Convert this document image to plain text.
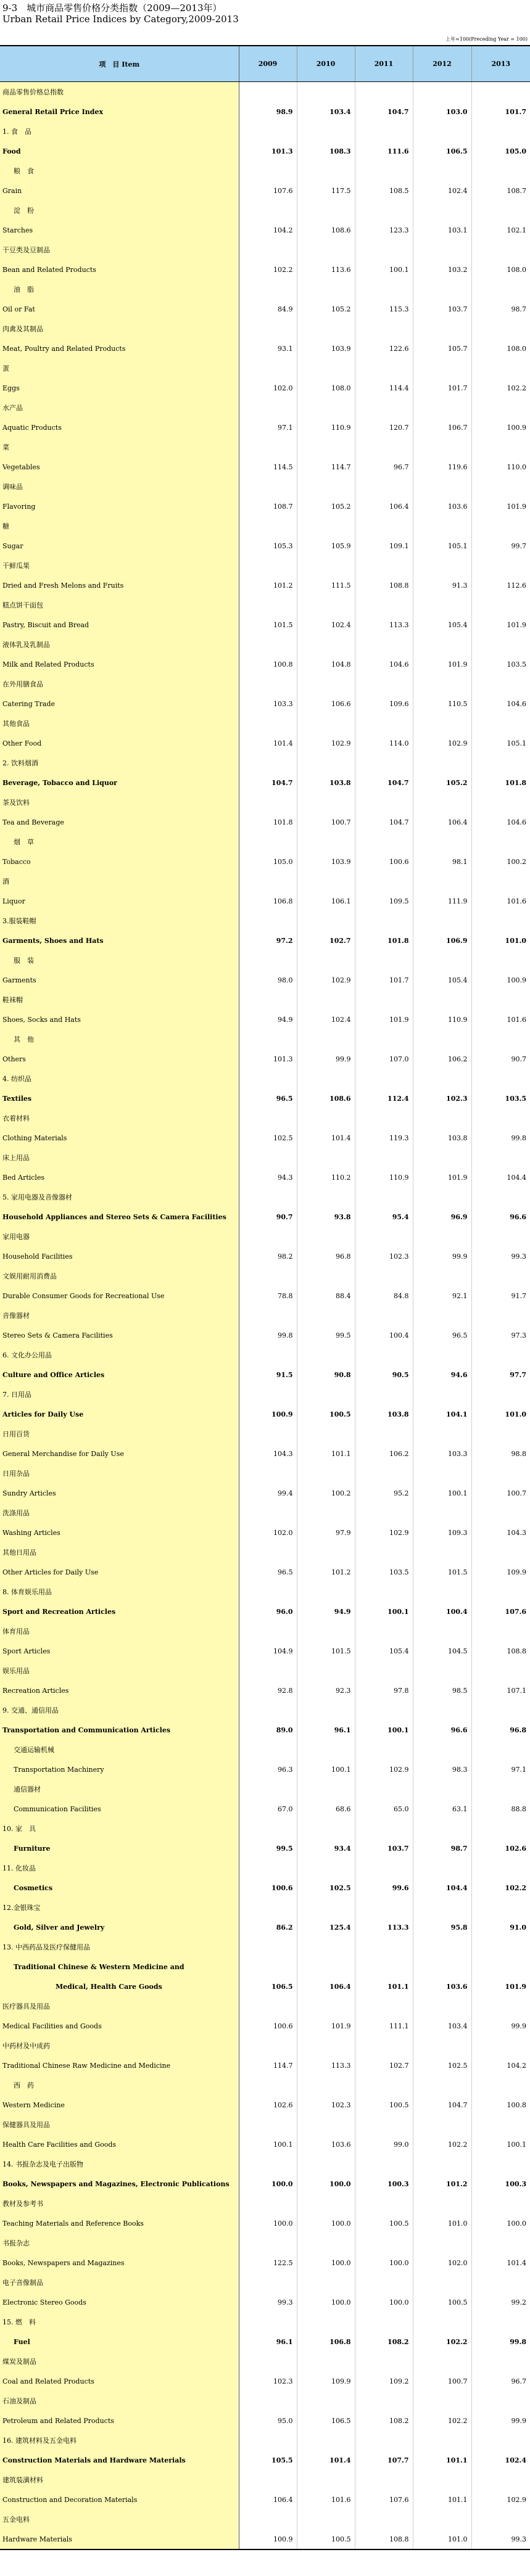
9-3　城市商品零售价格分类指数（2009—2013年）
Urban Retail Price Indices by Category,2009-2013
上年=100(Preceding Year = 100)
项　目 Item	2009	2010	2011	2012	2013
商品零售价格总指数					
General Retail Price Index	98.9	103.4	104.7	103.0	101.7
1. 食　品					
Food	101.3	108.3	111.6	106.5	105.0
粮　食					
Grain	107.6	117.5	108.5	102.4	108.7
淀　粉					
Starches	104.2	108.6	123.3	103.1	102.1
干豆类及豆制品					
Bean and Related Products	102.2	113.6	100.1	103.2	108.0
油　脂					
Oil or Fat	84.9	105.2	115.3	103.7	98.7
肉禽及其制品					
Meat, Poultry and Related Products	93.1	103.9	122.6	105.7	108.0
蛋					
Eggs	102.0	108.0	114.4	101.7	102.2
水产品					
Aquatic Products	97.1	110.9	120.7	106.7	100.9
菜					
Vegetables	114.5	114.7	96.7	119.6	110.0
调味品					
Flavoring	108.7	105.2	106.4	103.6	101.9
糖					
Sugar	105.3	105.9	109.1	105.1	99.7
干鲜瓜果					
Dried and Fresh Melons and Fruits	101.2	111.5	108.8	91.3	112.6
糕点饼干面包					
Pastry, Biscuit and Bread	101.5	102.4	113.3	105.4	101.9
液体乳及乳制品					
Milk and Related Products	100.8	104.8	104.6	101.9	103.5
在外用膳食品					
Catering Trade	103.3	106.6	109.6	110.5	104.6
其他食品					
Other Food	101.4	102.9	114.0	102.9	105.1
2. 饮料烟酒					
Beverage, Tobacco and Liquor	104.7	103.8	104.7	105.2	101.8
茶及饮料					
Tea and Beverage	101.8	100.7	104.7	106.4	104.6
烟　草					
Tobacco	105.0	103.9	100.6	98.1	100.2
酒					
Liquor	106.8	106.1	109.5	111.9	101.6
3.服装鞋帽					
Garments, Shoes and Hats	97.2	102.7	101.8	106.9	101.0
服　装					
Garments	98.0	102.9	101.7	105.4	100.9
鞋袜帽					
Shoes, Socks and Hats	94.9	102.4	101.9	110.9	101.6
其　他					
Others	101.3	99.9	107.0	106.2	90.7
4. 纺织品					
Textiles	96.5	108.6	112.4	102.3	103.5
衣着材料					
Clothing Materials	102.5	101.4	119.3	103.8	99.8
床上用品					
Bed Articles	94.3	110.2	110.9	101.9	104.4
5. 家用电器及音像器材					
Household Appliances and Stereo Sets & Camera Facilities	90.7	93.8	95.4	96.9	96.6
家用电器					
Household Facilities	98.2	96.8	102.3	99.9	99.3
文娱用耐用消费品					
Durable Consumer Goods for Recreational Use	78.8	88.4	84.8	92.1	91.7
音像器材					
Stereo Sets & Camera Facilities	99.8	99.5	100.4	96.5	97.3
6. 文化办公用品					
Culture and Office Articles	91.5	90.8	90.5	94.6	97.7
7. 日用品					
Articles for Daily Use	100.9	100.5	103.8	104.1	101.0
日用百货					
General Merchandise for Daily Use	104.3	101.1	106.2	103.3	98.8
日用杂品					
Sundry Articles	99.4	100.2	95.2	100.1	100.7
洗涤用品					
Washing Articles	102.0	97.9	102.9	109.3	104.3
其他日用品					
Other Articles for Daily Use	96.5	101.2	103.5	101.5	109.9
8. 体育娱乐用品					
Sport and Recreation Articles	96.0	94.9	100.1	100.4	107.6
体育用品					
Sport Articles	104.9	101.5	105.4	104.5	108.8
娱乐用品					
Recreation Articles	92.8	92.3	97.8	98.5	107.1
9. 交通、通信用品					
Transportation and Communication Articles	89.0	96.1	100.1	96.6	96.8
交通运输机械					
Transportation Machinery	96.3	100.1	102.9	98.3	97.1
通信器材					
Communication Facilities	67.0	68.6	65.0	63.1	88.8
10. 家　具					
Furniture	99.5	93.4	103.7	98.7	102.6
11. 化妆品					
Cosmetics	100.6	102.5	99.6	104.4	102.2
12.金银珠宝					
Gold, Silver and Jewelry	86.2	125.4	113.3	95.8	91.0
13. 中西药品及医疗保健用品					
Traditional Chinese & Western Medicine and					
Medical, Health Care Goods	106.5	106.4	101.1	103.6	101.9
医疗器具及用品					
Medical Facilities and Goods	100.6	101.9	111.1	103.4	99.9
中药材及中成药					
Traditional Chinese Raw Medicine and Medicine	114.7	113.3	102.7	102.5	104.2
西　药					
Western Medicine	102.6	102.3	100.5	104.7	100.8
保健器具及用品					
Health Care Facilities and Goods	100.1	103.6	99.0	102.2	100.1
14. 书报杂志及电子出版物					
Books, Newspapers and Magazines, Electronic Publications	100.0	100.0	100.3	101.2	100.3
教材及参考书					
Teaching Materials and Reference Books	100.0	100.0	100.5	101.0	100.0
书报杂志					
Books, Newspapers and Magazines	122.5	100.0	100.0	102.0	101.4
电子音像制品					
Electronic Stereo Goods	99.3	100.0	100.0	100.5	99.2
15. 燃　料					
Fuel	96.1	106.8	108.2	102.2	99.8
煤炭及制品					
Coal and Related Products	102.3	109.9	109.2	100.7	96.7
石油及制品					
Petroleum and Related Products	95.0	106.5	108.2	102.2	99.9
16. 建筑材料及五金电料					
Construction Materials and Hardware Materials	105.5	101.4	107.7	101.1	102.4
建筑装潢材料					
Construction and Decoration Materials	106.4	101.6	107.6	101.1	102.9
五金电料					
Hardware Materials	100.9	100.5	108.8	101.0	99.3
